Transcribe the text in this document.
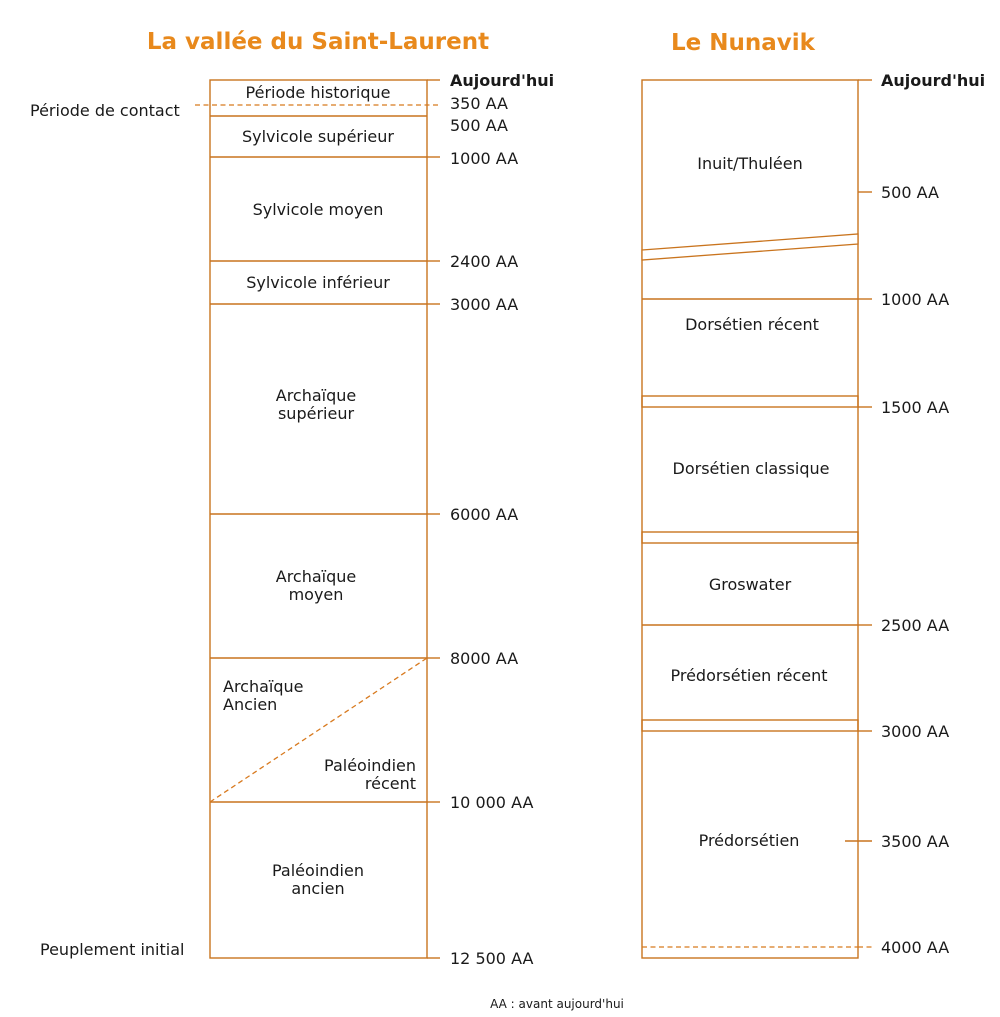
La vallée du Saint-Laurent	Le Nunavik
Période historique
Sylvicole supérieur
Sylvicole moyen
Sylvicole inférieur
Archaïque
supérieur
Archaïque
moyen
Archaïque
Ancien
Paléoindien
récent
Paléoindien
ancien
Aujourd'hui
350 AA
500 AA
1000 AA
2400 AA
3000 AA
6000 AA
8000 AA
10 000 AA
12 500 AA
Période de contact
Peuplement initial
Inuit/Thuléen
Dorsétien récent
Dorsétien classique
Groswater
Prédorsétien récent
Prédorsétien
Aujourd'hui
500 AA
1000 AA
1500 AA
2500 AA
3000 AA
3500 AA
4000 AA
AA : avant aujourd'hui
